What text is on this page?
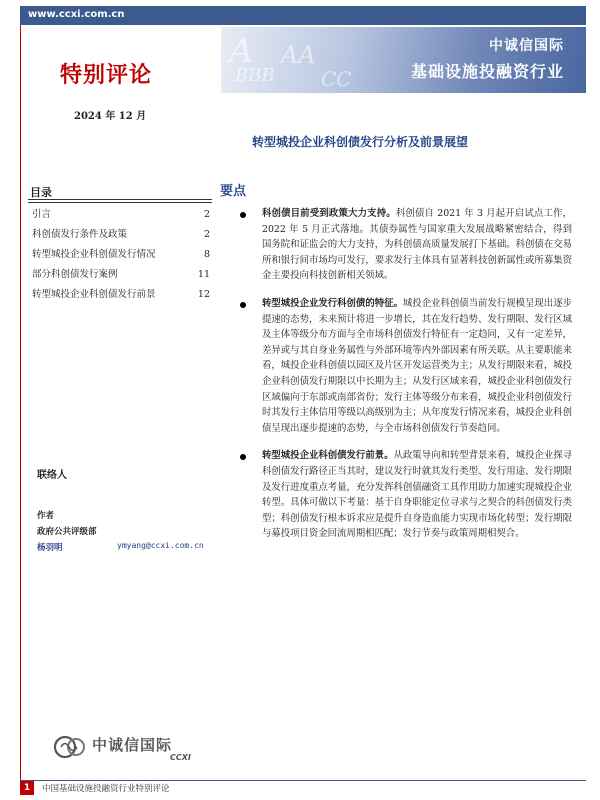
www.ccxi.com.cn
特别评论
2024 年 12 月
A AA
BBB CC
中诚信国际
基础设施投融资行业
转型城投企业科创债发行分析及前景展望
目录
引言	2
科创债发行条件及政策	2
转型城投企业科创债发行情况	8
部分科创债发行案例	11
转型城投企业科创债发行前景	12
联络人
作者
政府公共评级部
杨羽明	ymyang@ccxi.com.cn
中诚信国际
CCXI
要点
科创债目前受到政策大力支持。科创债自 2021 年 3 月起开启试点工作，2022 年 5 月正式落地。其债券属性与国家重大发展战略紧密结合，得到国务院和证监会的大力支持，为科创债高质量发展打下基础。科创债在交易所和银行间市场均可发行，要求发行主体具有显著科技创新属性或所募集资金主要投向科技创新相关领域。
转型城投企业发行科创债的特征。城投企业科创债当前发行规模呈现出逐步提速的态势，未来预计将进一步增长，其在发行趋势、发行期限、发行区域及主体等级分布方面与全市场科创债发行特征有一定趋同，又有一定差异，差异或与其自身业务属性与外部环境等内外部因素有所关联。从主要职能来看，城投企业科创债以园区及片区开发运营类为主；从发行期限来看，城投企业科创债发行期限以中长期为主；从发行区域来看，城投企业科创债发行区域偏向于东部或南部省份；发行主体等级分布来看，城投企业科创债发行时其发行主体信用等级以高级别为主；从年度发行情况来看，城投企业科创债呈现出逐步提速的态势，与全市场科创债发行节奏趋同。
转型城投企业科创债发行前景。从政策导向和转型背景来看，城投企业探寻科创债发行路径正当其时，建议发行时就其发行类型、发行用途、发行期限及发行进度重点考量，充分发挥科创债融资工具作用助力加速实现城投企业转型。具体可做以下考量：基于自身职能定位寻求与之契合的科创债发行类型；科创债发行根本诉求应是提升自身造血能力实现市场化转型；发行期限与募投项目资金回流周期相匹配；发行节奏与政策周期相契合。
1	中国基础设施投融资行业特别评论
